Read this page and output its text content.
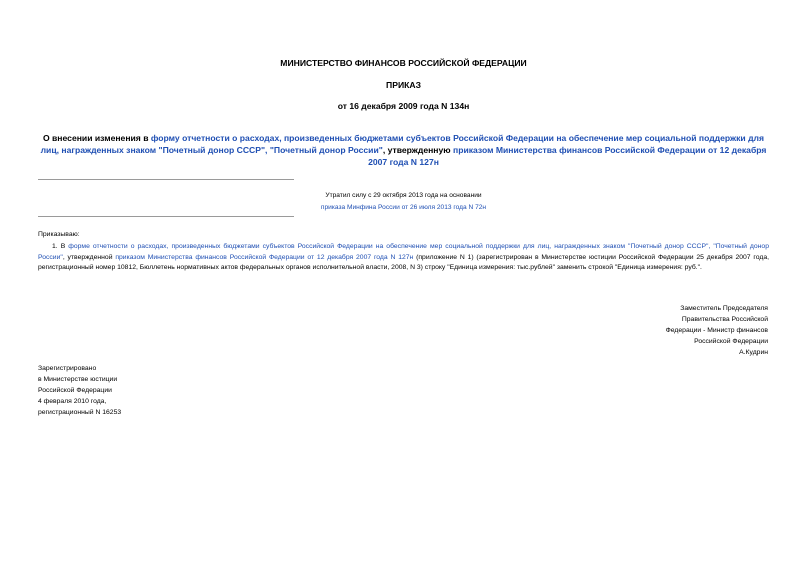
МИНИСТЕРСТВО ФИНАНСОВ РОССИЙСКОЙ ФЕДЕРАЦИИ
ПРИКАЗ
от 16 декабря 2009 года N 134н
О внесении изменения в форму отчетности о расходах, произведенных бюджетами субъектов Российской Федерации на обеспечение мер социальной поддержки для лиц, награжденных знаком "Почетный донор СССР", "Почетный донор России", утвержденную приказом Министерства финансов Российской Федерации от 12 декабря 2007 года N 127н
Утратил силу с 29 октября 2013 года на основании
приказа Минфина России от 26 июля 2013 года N 72н
Приказываю:
1. В форме отчетности о расходах, произведенных бюджетами субъектов Российской Федерации на обеспечение мер социальной поддержки для лиц, награжденных знаком "Почетный донор СССР", "Почетный донор России", утвержденной приказом Министерства финансов Российской Федерации от 12 декабря 2007 года N 127н (приложение N 1) (зарегистрирован в Министерстве юстиции Российской Федерации 25 декабря 2007 года, регистрационный номер 10812, Бюллетень нормативных актов федеральных органов исполнительной власти, 2008, N 3) строку "Единица измерения: тыс.рублей" заменить строкой "Единица измерения: руб.".
Заместитель Председателя
Правительства Российской
Федерации - Министр финансов
Российской Федерации
А.Кудрин
Зарегистрировано
в Министерстве юстиции
Российской Федерации
4 февраля 2010 года,
регистрационный N 16253
